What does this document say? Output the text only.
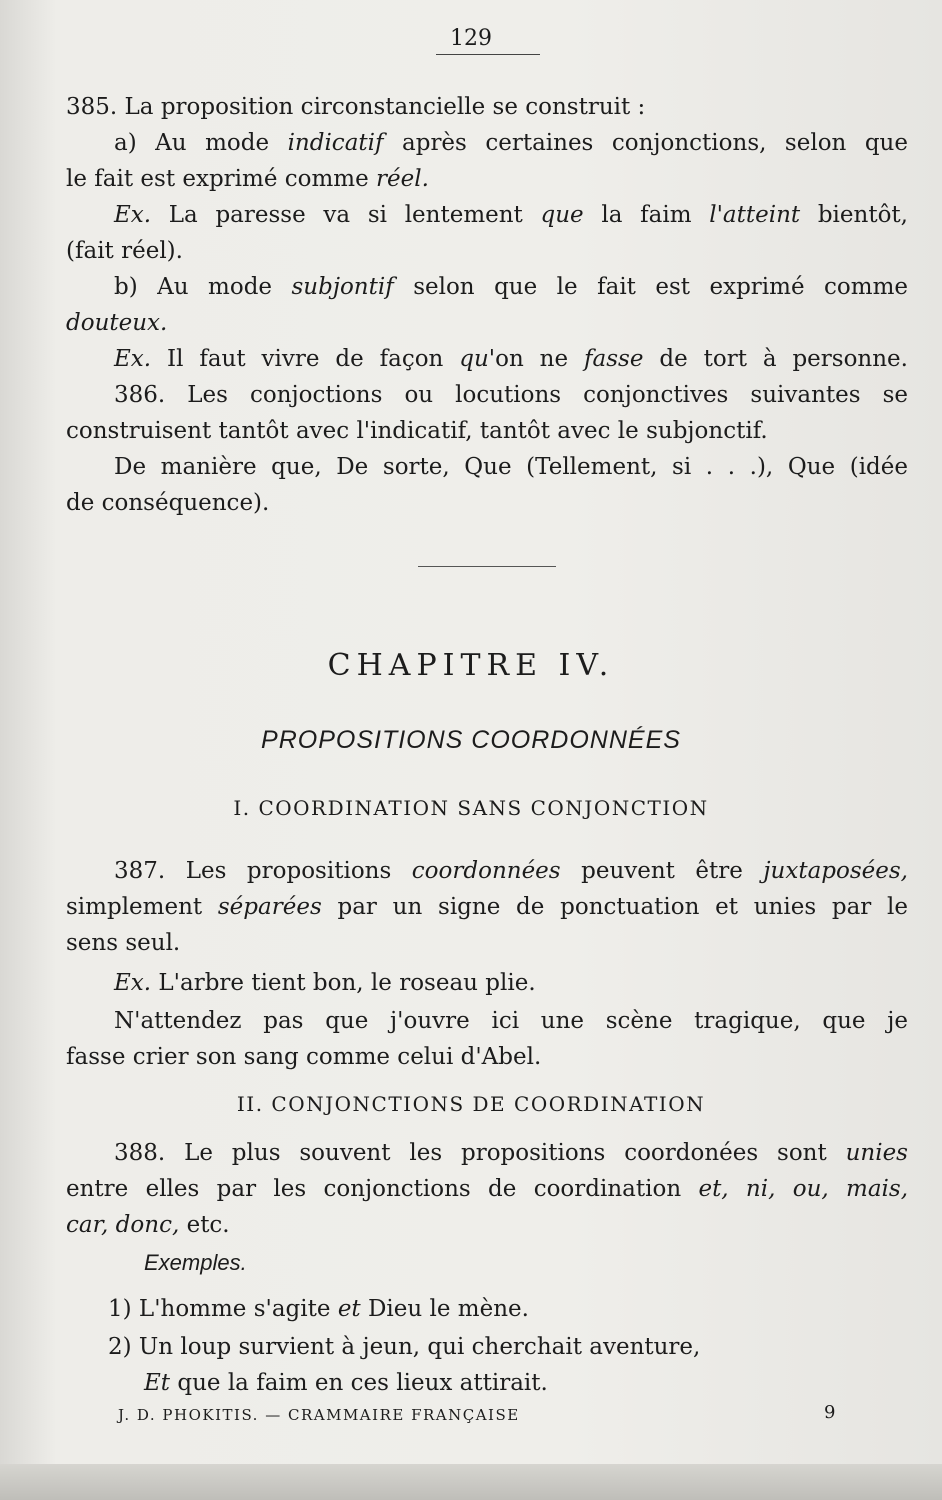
129
385. La proposition circonstancielle se construit :
a) Au mode indicatif après certaines conjonctions, selon que
le fait est exprimé comme réel.
Ex. La paresse va si lentement que la faim l'atteint bientôt,
(fait réel).
b) Au mode subjontif selon que le fait est exprimé comme
douteux.
Ex. Il faut vivre de façon qu'on ne fasse de tort à personne.
386. Les conjoctions ou locutions conjonctives suivantes se
construisent tantôt avec l'indicatif, tantôt avec le subjonctif.
De manière que, De sorte, Que (Tellement, si . . .), Que (idée
de conséquence).
CHAPITRE IV.
PROPOSITIONS COORDONNÉES
I. COORDINATION SANS CONJONCTION
387. Les propositions coordonnées peuvent être juxtaposées,
simplement séparées par un signe de ponctuation et unies par le
sens seul.
Ex. L'arbre tient bon, le roseau plie.
N'attendez pas que j'ouvre ici une scène tragique, que je
fasse crier son sang comme celui d'Abel.
II. CONJONCTIONS DE COORDINATION
388. Le plus souvent les propositions coordonées sont unies
entre elles par les conjonctions de coordination et, ni, ou, mais,
car, donc, etc.
Exemples.
1) L'homme s'agite et Dieu le mène.
2) Un loup survient à jeun, qui cherchait aventure,
Et que la faim en ces lieux attirait.
J. D. PHOKITIS. — CRAMMAIRE FRANÇAISE	9
